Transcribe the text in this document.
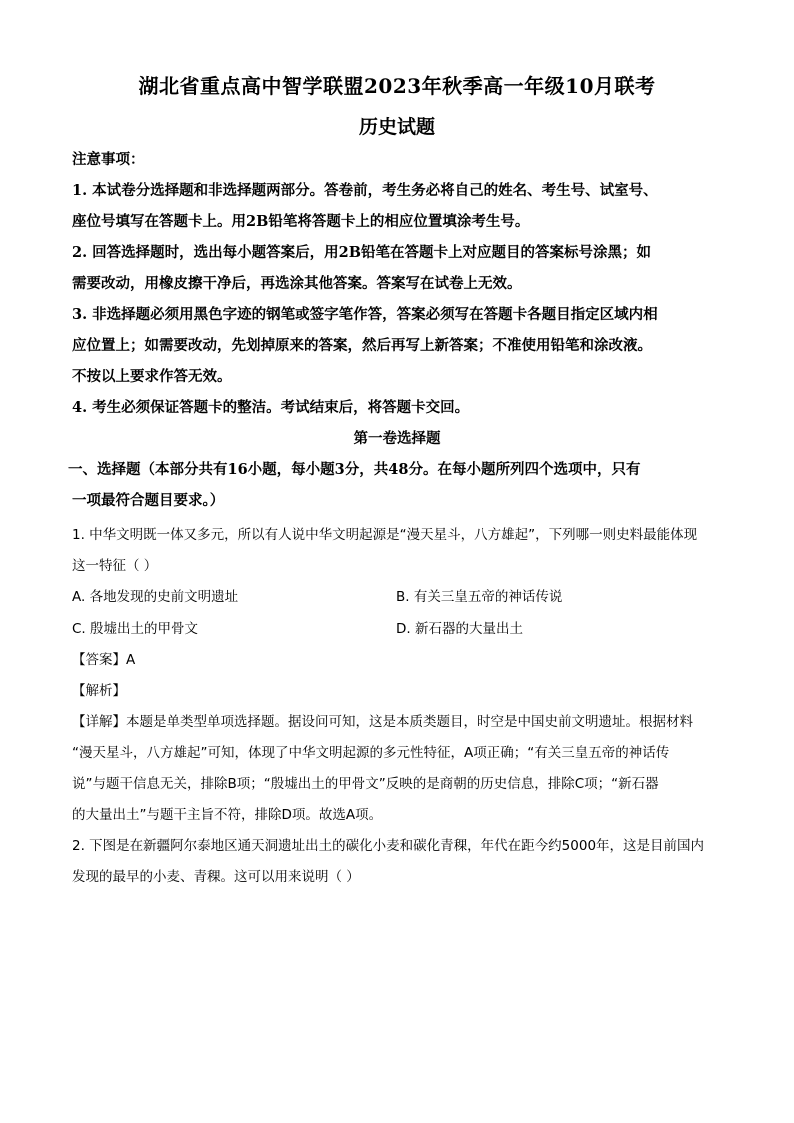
湖北省重点高中智学联盟2023年秋季高一年级10月联考
历史试题
注意事项：
1. 本试卷分选择题和非选择题两部分。答卷前，考生务必将自己的姓名、考生号、试室号、
座位号填写在答题卡上。用2B铅笔将答题卡上的相应位置填涂考生号。
2. 回答选择题时，选出每小题答案后，用2B铅笔在答题卡上对应题目的答案标号涂黑；如
需要改动，用橡皮擦干净后，再选涂其他答案。答案写在试卷上无效。
3. 非选择题必须用黑色字迹的钢笔或签字笔作答，答案必须写在答题卡各题目指定区域内相
应位置上；如需要改动，先划掉原来的答案，然后再写上新答案；不准使用铅笔和涂改液。
不按以上要求作答无效。
4. 考生必须保证答题卡的整洁。考试结束后，将答题卡交回。
第一卷选择题
一、选择题（本部分共有16小题，每小题3分，共48分。在每小题所列四个选项中，只有
一项最符合题目要求。）
1. 中华文明既一体又多元，所以有人说中华文明起源是“漫天星斗，八方雄起”，下列哪一则史料最能体现
这一特征（ ）
A. 各地发现的史前文明遗址	B. 有关三皇五帝的神话传说
C. 殷墟出土的甲骨文	D. 新石器的大量出土
【答案】A
【解析】
【详解】本题是单类型单项选择题。据设问可知，这是本质类题目，时空是中国史前文明遗址。根据材料
“漫天星斗，八方雄起”可知，体现了中华文明起源的多元性特征，A项正确；“有关三皇五帝的神话传
说”与题干信息无关，排除B项；“殷墟出土的甲骨文”反映的是商朝的历史信息，排除C项；“新石器
的大量出土”与题干主旨不符，排除D项。故选A项。
2. 下图是在新疆阿尔泰地区通天洞遗址出土的碳化小麦和碳化青稞，年代在距今约5000年，这是目前国内
发现的最早的小麦、青稞。这可以用来说明（ ）
